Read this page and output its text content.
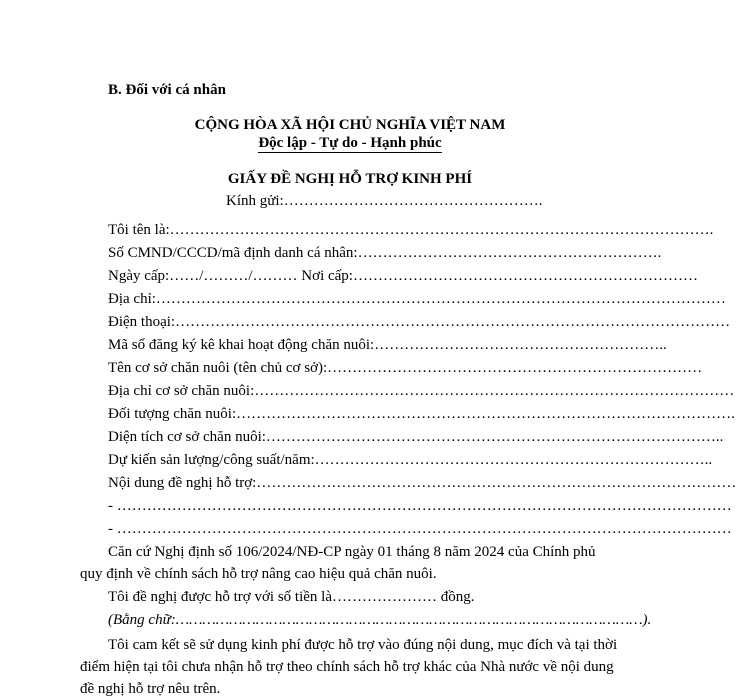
B. Đối với cá nhân
CỘNG HÒA XÃ HỘI CHỦ NGHĨA VIỆT NAM
Độc lập - Tự do - Hạnh phúc
GIẤY ĐỀ NGHỊ HỖ TRỢ KINH PHÍ
Kính gửi:…………………………………………….
Tôi tên là:……………………………………………………………………………………………….
Số CMND/CCCD/mã định danh cá nhân:…………………………………………………….
Ngày cấp:……/………/……… Nơi cấp:……………………………………………………………
Địa chỉ:……………………………………………………………………………………………………
Điện thoại:…………………………………………………………………………………………………
Mã số đăng ký kê khai hoạt động chăn nuôi:…………………………………………………..
Tên cơ sở chăn nuôi (tên chủ cơ sở):…………………………………………………………………
Địa chỉ cơ sở chăn nuôi:……………………………………………………………………………………
Đối tượng chăn nuôi:……………………………………………………………………………………….
Diện tích cơ sở chăn nuôi:………………………………………………………………………………..
Dự kiến sản lượng/công suất/năm:……………………………………………………………………..
Nội dung đề nghị hỗ trợ:……………………………………………………………………………………
- ……………………………………………………………………………………………………………
- ……………………………………………………………………………………………………………
Căn cứ Nghị định số 106/2024/NĐ-CP ngày 01 tháng 8 năm 2024 của Chính phủ
quy định về chính sách hỗ trợ nâng cao hiệu quả chăn nuôi.
Tôi đề nghị được hỗ trợ với số tiền là………………… đồng.
(Bằng chữ:……………………………………………………………………………………………).
Tôi cam kết sẽ sử dụng kinh phí được hỗ trợ vào đúng nội dung, mục đích và tại thời
điểm hiện tại tôi chưa nhận hỗ trợ theo chính sách hỗ trợ khác của Nhà nước về nội dung
đề nghị hỗ trợ nêu trên.
